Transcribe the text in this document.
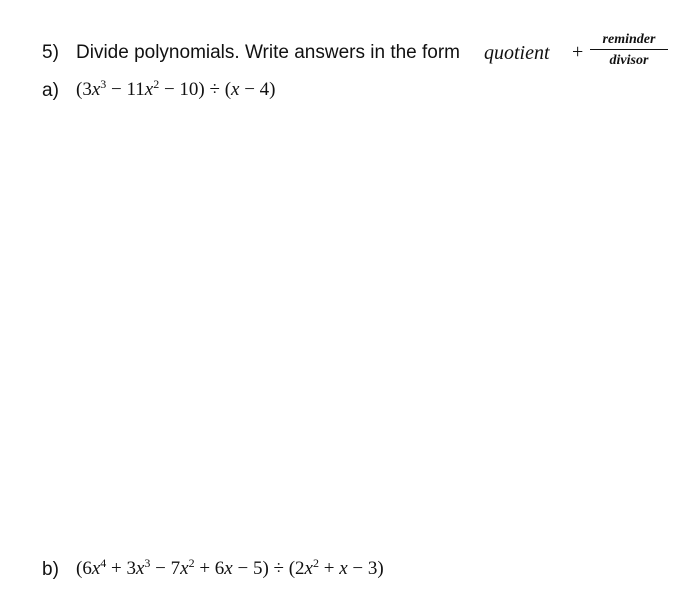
5) Divide polynomials. Write answers in the form quotient +
reminder
divisor
a) $(3x^3 - 11x^2 - 10) \div (x - 4)$
b) $(6x^4 + 3x^3 - 7x^2 + 6x - 5) \div (2x^2 + x - 3)$
